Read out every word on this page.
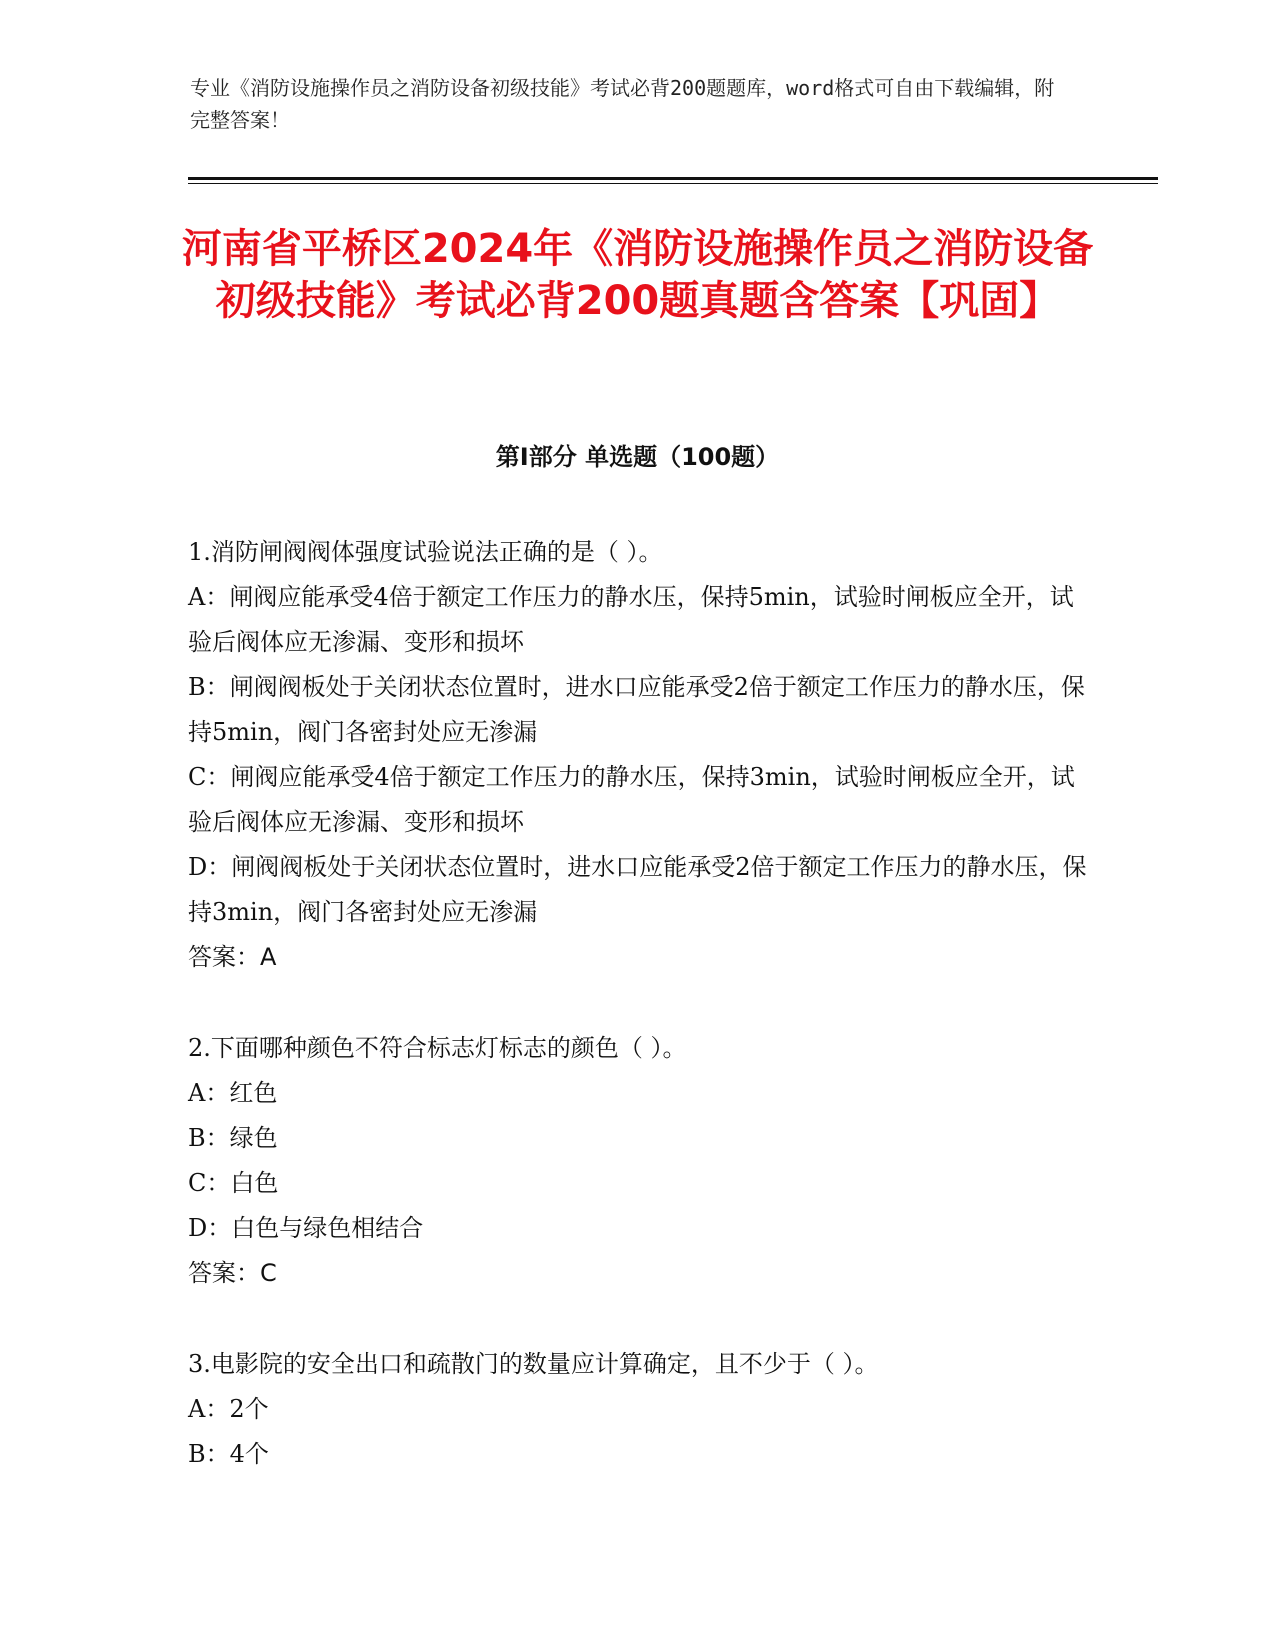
专业《消防设施操作员之消防设备初级技能》考试必背200题题库，word格式可自由下载编辑，附完整答案！
河南省平桥区2024年《消防设施操作员之消防设备初级技能》考试必背200题真题含答案【巩固】
第I部分 单选题（100题）
1.消防闸阀阀体强度试验说法正确的是（ ）。
A：闸阀应能承受4倍于额定工作压力的静水压，保持5min，试验时闸板应全开，试验后阀体应无渗漏、变形和损坏
B：闸阀阀板处于关闭状态位置时，进水口应能承受2倍于额定工作压力的静水压，保持5min，阀门各密封处应无渗漏
C：闸阀应能承受4倍于额定工作压力的静水压，保持3min，试验时闸板应全开，试验后阀体应无渗漏、变形和损坏
D：闸阀阀板处于关闭状态位置时，进水口应能承受2倍于额定工作压力的静水压，保持3min，阀门各密封处应无渗漏
答案：A
2.下面哪种颜色不符合标志灯标志的颜色（ ）。
A：红色
B：绿色
C：白色
D：白色与绿色相结合
答案：C
3.电影院的安全出口和疏散门的数量应计算确定，且不少于（ ）。
A：2个
B：4个
